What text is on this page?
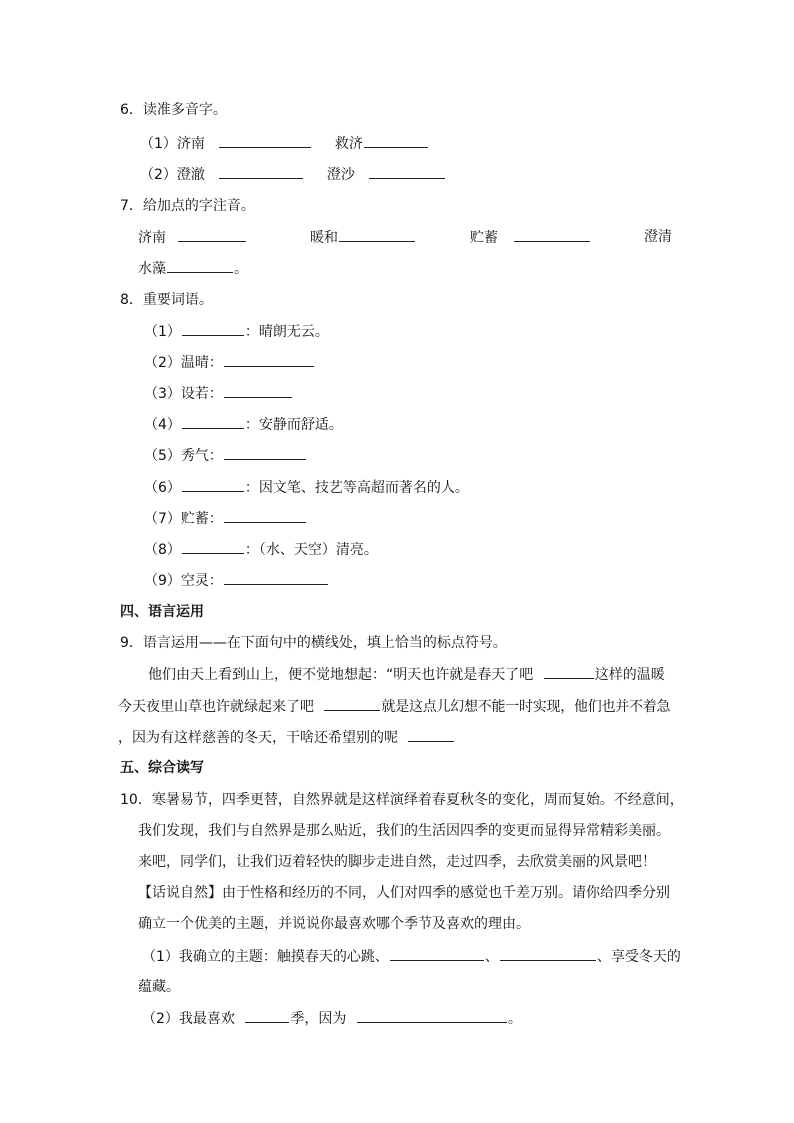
6．读准多音字。
（1）济南	救济
（2）澄澈	澄沙
7．给加点的字注音。
济南	暖和	贮蓄	澄清
水藻	。
8．重要词语。
（1）	：晴朗无云。
（2）温晴：
（3）设若：
（4）	：安静而舒适。
（5）秀气：
（6）	：因文笔、技艺等高超而著名的人。
（7）贮蓄：
（8）	：（水、天空）清亮。
（9）空灵：
四、语言运用
9．语言运用——在下面句中的横线处，填上恰当的标点符号。
他们由天上看到山上，便不觉地想起：“明天也许就是春天了吧	这样的温暖
今天夜里山草也许就绿起来了吧	就是这点儿幻想不能一时实现，他们也并不着急
，因为有这样慈善的冬天，干啥还希望别的呢
五、综合读写
10．寒暑易节，四季更替，自然界就是这样演绎着春夏秋冬的变化，周而复始。不经意间，
我们发现，我们与自然界是那么贴近，我们的生活因四季的变更而显得异常精彩美丽。
来吧，同学们，让我们迈着轻快的脚步走进自然，走过四季，去欣赏美丽的风景吧！
【话说自然】由于性格和经历的不同，人们对四季的感觉也千差万别。请你给四季分别
确立一个优美的主题，并说说你最喜欢哪个季节及喜欢的理由。
（1）我确立的主题：触摸春天的心跳、	、	、享受冬天的
蕴藏。
（2）我最喜欢	季，因为	。
